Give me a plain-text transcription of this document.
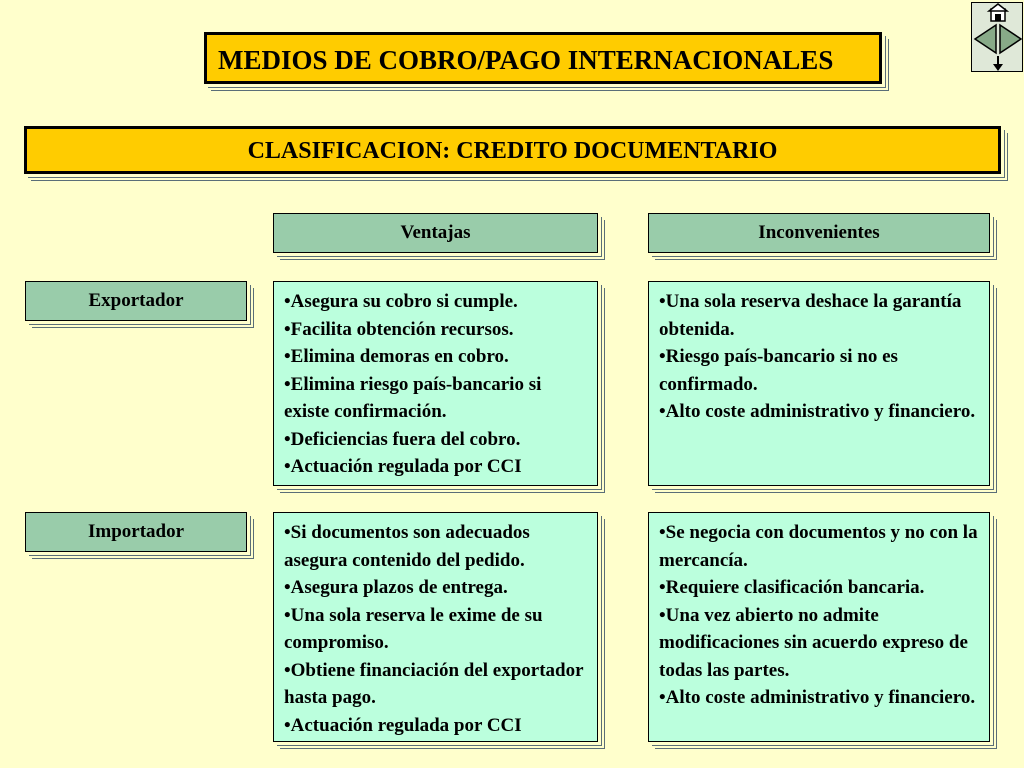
MEDIOS DE COBRO/PAGO INTERNACIONALES
CLASIFICACION: CREDITO DOCUMENTARIO
Ventajas	Inconvenientes
Exportador
Importador
•Asegura su cobro si cumple.
•Facilita obtención recursos.
•Elimina demoras en cobro.
•Elimina riesgo país-bancario si existe confirmación.
•Deficiencias fuera del cobro.
•Actuación regulada por CCI
•Una sola reserva deshace la garantía obtenida.
•Riesgo país-bancario si no es confirmado.
•Alto coste administrativo y financiero.
•Si documentos son adecuados asegura contenido del pedido.
•Asegura plazos de entrega.
•Una sola reserva le exime de su compromiso.
•Obtiene financiación del exportador hasta pago.
•Actuación regulada por CCI
•Se negocia con documentos y no con la mercancía.
•Requiere clasificación bancaria.
•Una vez abierto no admite modificaciones sin acuerdo expreso de todas las partes.
•Alto coste administrativo y financiero.
